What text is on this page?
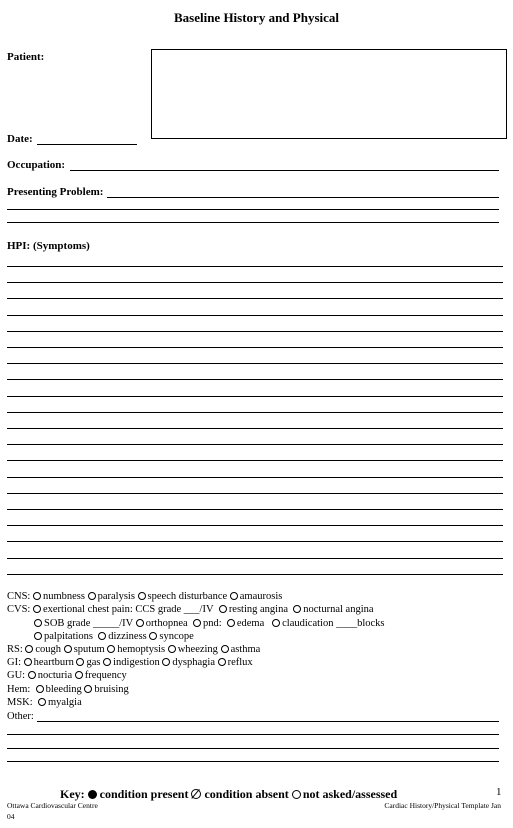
Baseline History and Physical
Patient:
Date:
Occupation:
Presenting Problem:
HPI: (Symptoms)
CNS: numbness paralysis speech disturbance amaurosis
CVS: exertional chest pain: CCS grade ___/IV resting angina nocturnal angina
SOB grade _____/IV orthopnea pnd: edema claudication ____blocks
palpitations dizziness syncope
RS: cough sputum hemoptysis wheezing asthma
GI: heartburn gas indigestion dysphagia reflux
GU: nocturia frequency
Hem: bleeding bruising
MSK: myalgia
Other:
Key: condition present condition absent not asked/assessed	1
Ottawa Cardiovascular Centre	Cardiac History/Physical Template Jan
04
